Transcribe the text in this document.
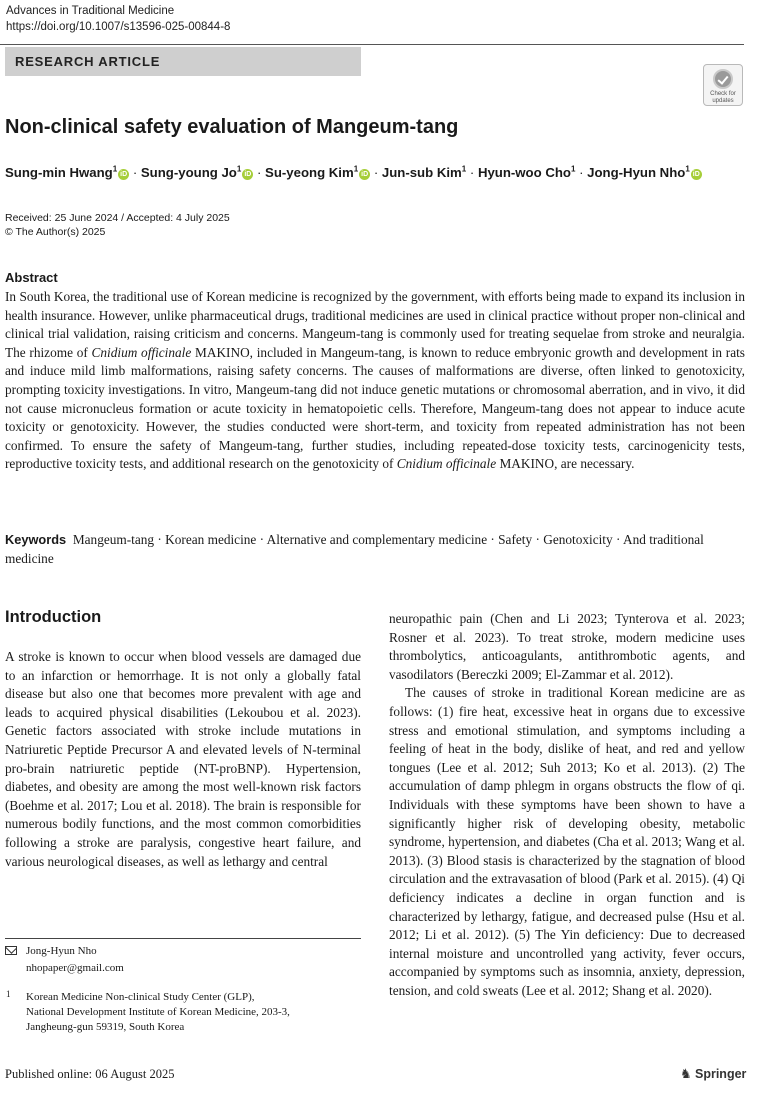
Advances in Traditional Medicine
https://doi.org/10.1007/s13596-025-00844-8
RESEARCH ARTICLE
Check for updates
Non-clinical safety evaluation of Mangeum-tang
Sung-min Hwang$^1$iD · Sung-young $Jo^1iD$ · Su-yeong Kim$^1$iD · Jun-sub Kim$^1$ · Hyun-woo Cho$^1$ · Jong-Hyun Nho$^1$iD
Received: 25 June 2024 / Accepted: 4 July 2025
© The Author(s) 2025
Abstract

In South Korea, the traditional use of Korean medicine is recognized by the government, with efforts being made to expand its inclusion in health insurance. However, unlike pharmaceutical drugs, traditional medicines are used in clinical practice without proper non-clinical and clinical trial validation, raising criticism and concerns. Mangeum-tang is commonly used for treating sequelae from stroke and neuralgia. The rhizome of Cnidium officinale MAKINO, included in Mangeum-tang, is known to reduce embryonic growth and development in rats and induce mild limb malformations, raising safety concerns. The causes of malformations are diverse, often linked to genotoxicity, prompting toxicity investigations. In vitro, Mangeum-tang did not induce genetic mutations or chromosomal aberration, and in vivo, it did not cause micronucleus formation or acute toxicity in hematopoietic cells. Therefore, Mangeum-tang does not appear to induce acute toxicity or genotoxicity. However, the studies conducted were short-term, and toxicity from repeated administration has not been confirmed. To ensure the safety of Mangeum-tang, further studies, including repeated-dose toxicity tests, carcinogenicity tests, reproductive toxicity tests, and additional research on the genotoxicity of Cnidium officinale MAKINO, are necessary.

Keywords Mangeum-tang · Korean medicine · Alternative and complementary medicine · Safety · Genotoxicity · And traditional medicine

Introduction

A stroke is known to occur when blood vessels are damaged due to an infarction or hemorrhage. It is not only a globally fatal disease but also one that becomes more prevalent with age and leads to acquired physical disabilities (Lekoubou et al. 2023). Genetic factors associated with stroke include mutations in Natriuretic Peptide Precursor A and elevated levels of N-terminal pro-brain natriuretic peptide (NT-proBNP). Hypertension, diabetes, and obesity are among the most well-known risk factors (Boehme et al. 2017; Lou et al. 2018). The brain is responsible for numerous bodily functions, and the most common comorbidities following a stroke are paralysis, congestive heart failure, and various neurological diseases, as well as lethargy and central

neuropathic pain (Chen and Li 2023; Tynterova et al. 2023; Rosner et al. 2023). To treat stroke, modern medicine uses thrombolytics, anticoagulants, antithrombotic agents, and vasodilators (Bereczki 2009; El-Zammar et al. 2012).
The causes of stroke in traditional Korean medicine are as follows: (1) fire heat, excessive heat in organs due to excessive stress and emotional stimulation, and symptoms including a feeling of heat in the body, dislike of heat, and red and yellow tongues (Lee et al. 2012; Suh 2013; Ko et al. 2013). (2) The accumulation of damp phlegm in organs obstructs the flow of qi. Individuals with these symptoms have been shown to have a significantly higher risk of developing obesity, metabolic syndrome, hypertension, and diabetes (Cha et al. 2013; Wang et al. 2013). (3) Blood stasis is characterized by the stagnation of blood circulation and the extravasation of blood (Park et al. 2015). (4) Qi deficiency indicates a decline in organ function and is characterized by lethargy, fatigue, and decreased pulse (Hsu et al. 2012; Li et al. 2012). (5) The Yin deficiency: Due to decreased internal moisture and uncontrolled yang activity, fever occurs, accompanied by symptoms such as insomnia, anxiety, depression, tension, and cold sweats (Lee et al. 2012; Shang et al. 2020).

Jong-Hyun Nho
nhopaper@gmail.com
1 Korean Medicine Non-clinical Study Center (GLP),
National Development Institute of Korean Medicine, 203-3,
Jangheung-gun 59319, South Korea

Published online: 06 August 2025	♞ Springer
